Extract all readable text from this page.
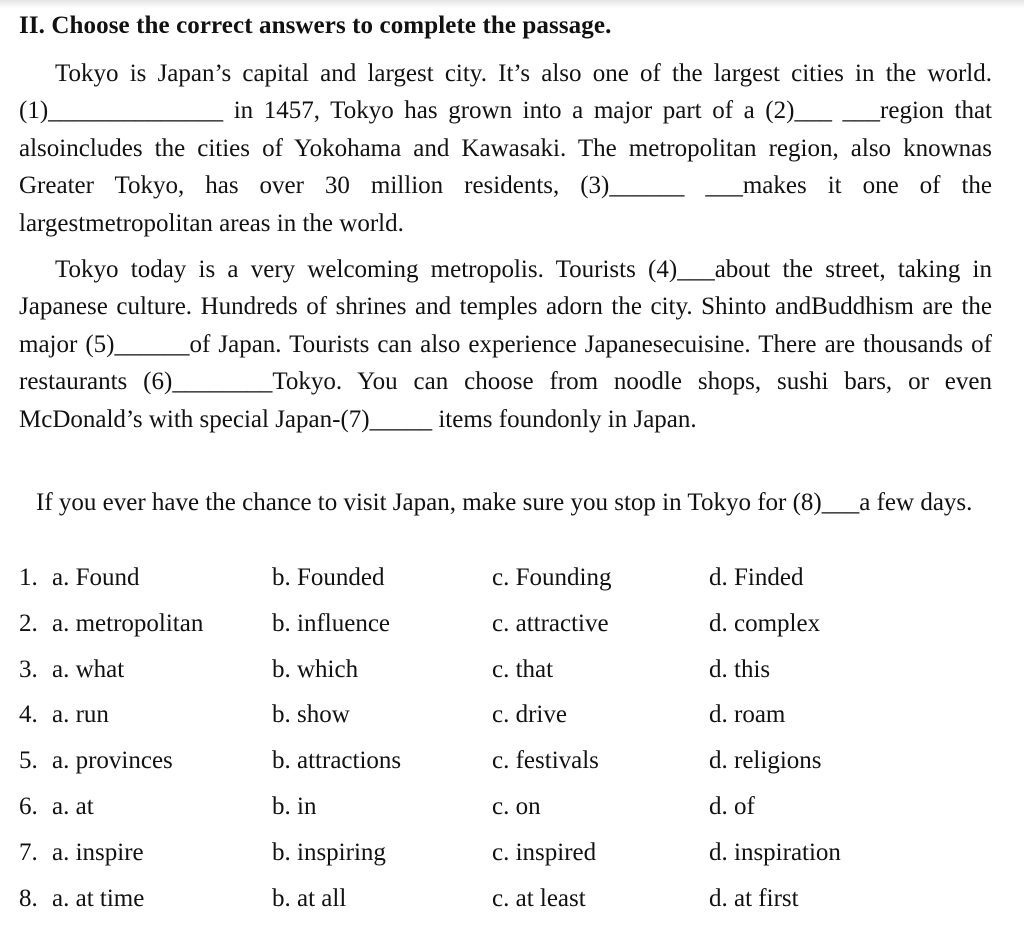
II. Choose the correct answers to complete the passage.
Tokyo is Japan’s capital and largest city. It’s also one of the largest cities in the world.(1)______________ in 1457, Tokyo has grown into a major part of a (2)___ ___region that alsoincludes the cities of Yokohama and Kawasaki. The metropolitan region, also knownas Greater Tokyo, has over 30 million residents, (3)______ ___makes it one of the largestmetropolitan areas in the world.
Tokyo today is a very welcoming metropolis. Tourists (4)___about the street, taking in Japanese culture. Hundreds of shrines and temples adorn the city. Shinto andBuddhism are the major (5)______of Japan. Tourists can also experience Japanesecuisine. There are thousands of restaurants (6)________Tokyo. You can choose from noodle shops, sushi bars, or even McDonald’s with special Japan-(7)_____ items foundonly in Japan.
If you ever have the chance to visit Japan, make sure you stop in Tokyo for (8)___a few days.
1. a. Found	b. Founded	c. Founding	d. Finded
2. a. metropolitan	b. influence	c. attractive	d. complex
3. a. what	b. which	c. that	d. this
4. a. run	b. show	c. drive	d. roam
5. a. provinces	b. attractions	c. festivals	d. religions
6. a. at	b. in	c. on	d. of
7. a. inspire	b. inspiring	c. inspired	d. inspiration
8. a. at time	b. at all	c. at least	d. at first
